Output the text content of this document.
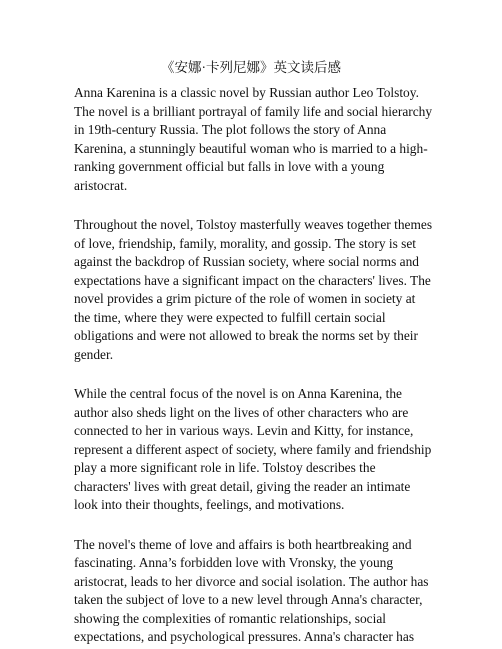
《安娜·卡列尼娜》英文读后感

Anna Karenina is a classic novel by Russian author Leo Tolstoy. The novel is a brilliant portrayal of family life and social hierarchy in 19th-century Russia. The plot follows the story of Anna Karenina, a stunningly beautiful woman who is married to a high-ranking government official but falls in love with a young aristocrat.

Throughout the novel, Tolstoy masterfully weaves together themes of love, friendship, family, morality, and gossip. The story is set against the backdrop of Russian society, where social norms and expectations have a significant impact on the characters' lives. The novel provides a grim picture of the role of women in society at the time, where they were expected to fulfill certain social obligations and were not allowed to break the norms set by their gender.

While the central focus of the novel is on Anna Karenina, the author also sheds light on the lives of other characters who are connected to her in various ways. Levin and Kitty, for instance, represent a different aspect of society, where family and friendship play a more significant role in life. Tolstoy describes the characters' lives with great detail, giving the reader an intimate look into their thoughts, feelings, and motivations.

The novel's theme of love and affairs is both heartbreaking and fascinating. Anna’s forbidden love with Vronsky, the young aristocrat, leads to her divorce and social isolation. The author has taken the subject of love to a new level through Anna's character, showing the complexities of romantic relationships, social expectations, and psychological pressures. Anna's character has
